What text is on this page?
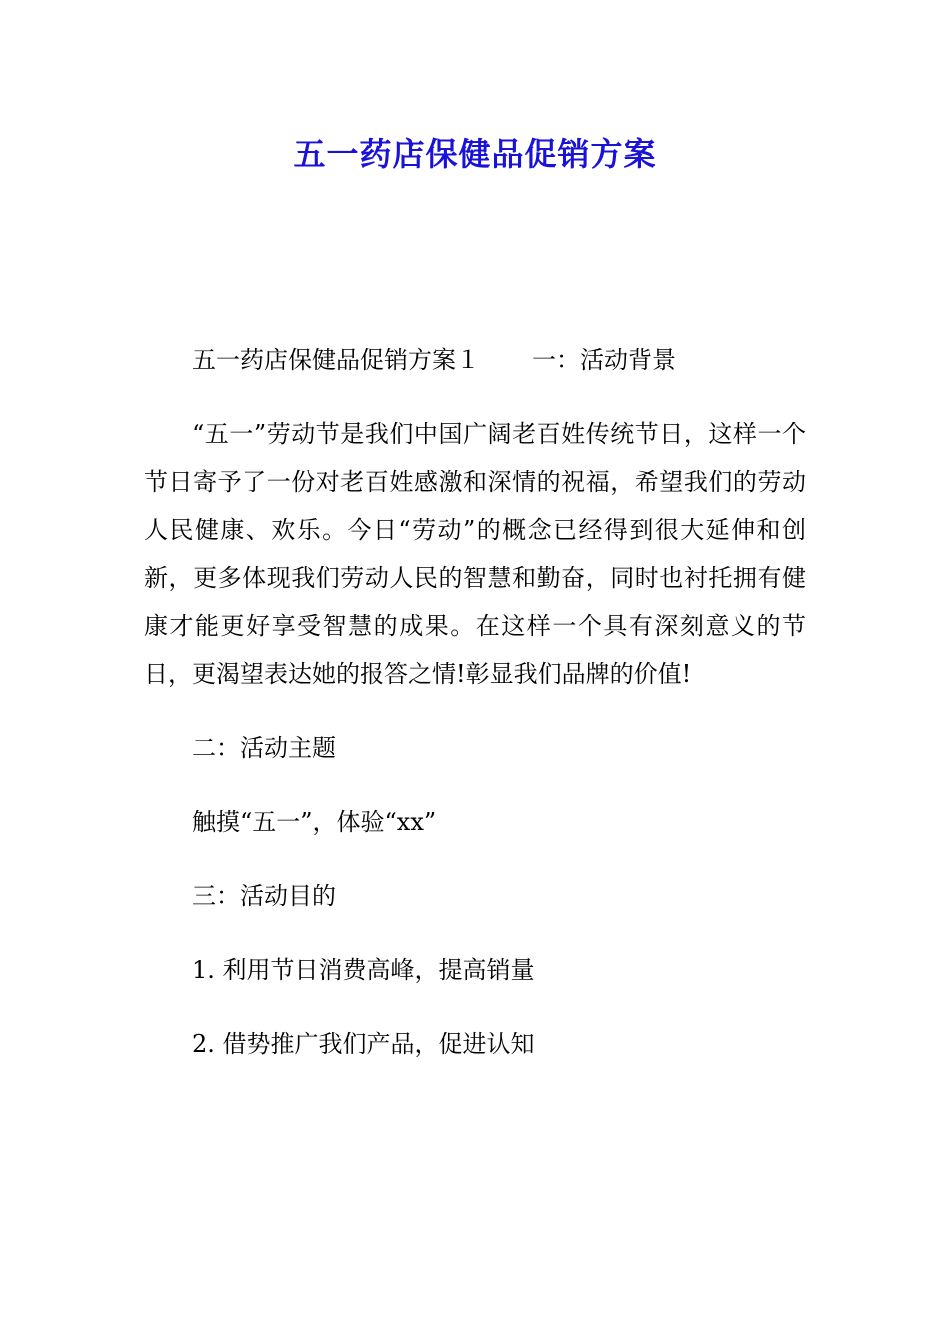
五一药店保健品促销方案

五一药店保健品促销方案１ 一：活动背景

“五一”劳动节是我们中国广阔老百姓传统节日，这样一个节日寄予了一份对老百姓感激和深情的祝福，希望我们的劳动人民健康、欢乐。今日“劳动”的概念已经得到很大延伸和创新，更多体现我们劳动人民的智慧和勤奋，同时也衬托拥有健康才能更好享受智慧的成果。在这样一个具有深刻意义的节日，更渴望表达她的报答之情!彰显我们品牌的价值!

二：活动主题

触摸“五一”，体验“xx”

三：活动目的

1. 利用节日消费高峰，提高销量

2. 借势推广我们产品，促进认知
